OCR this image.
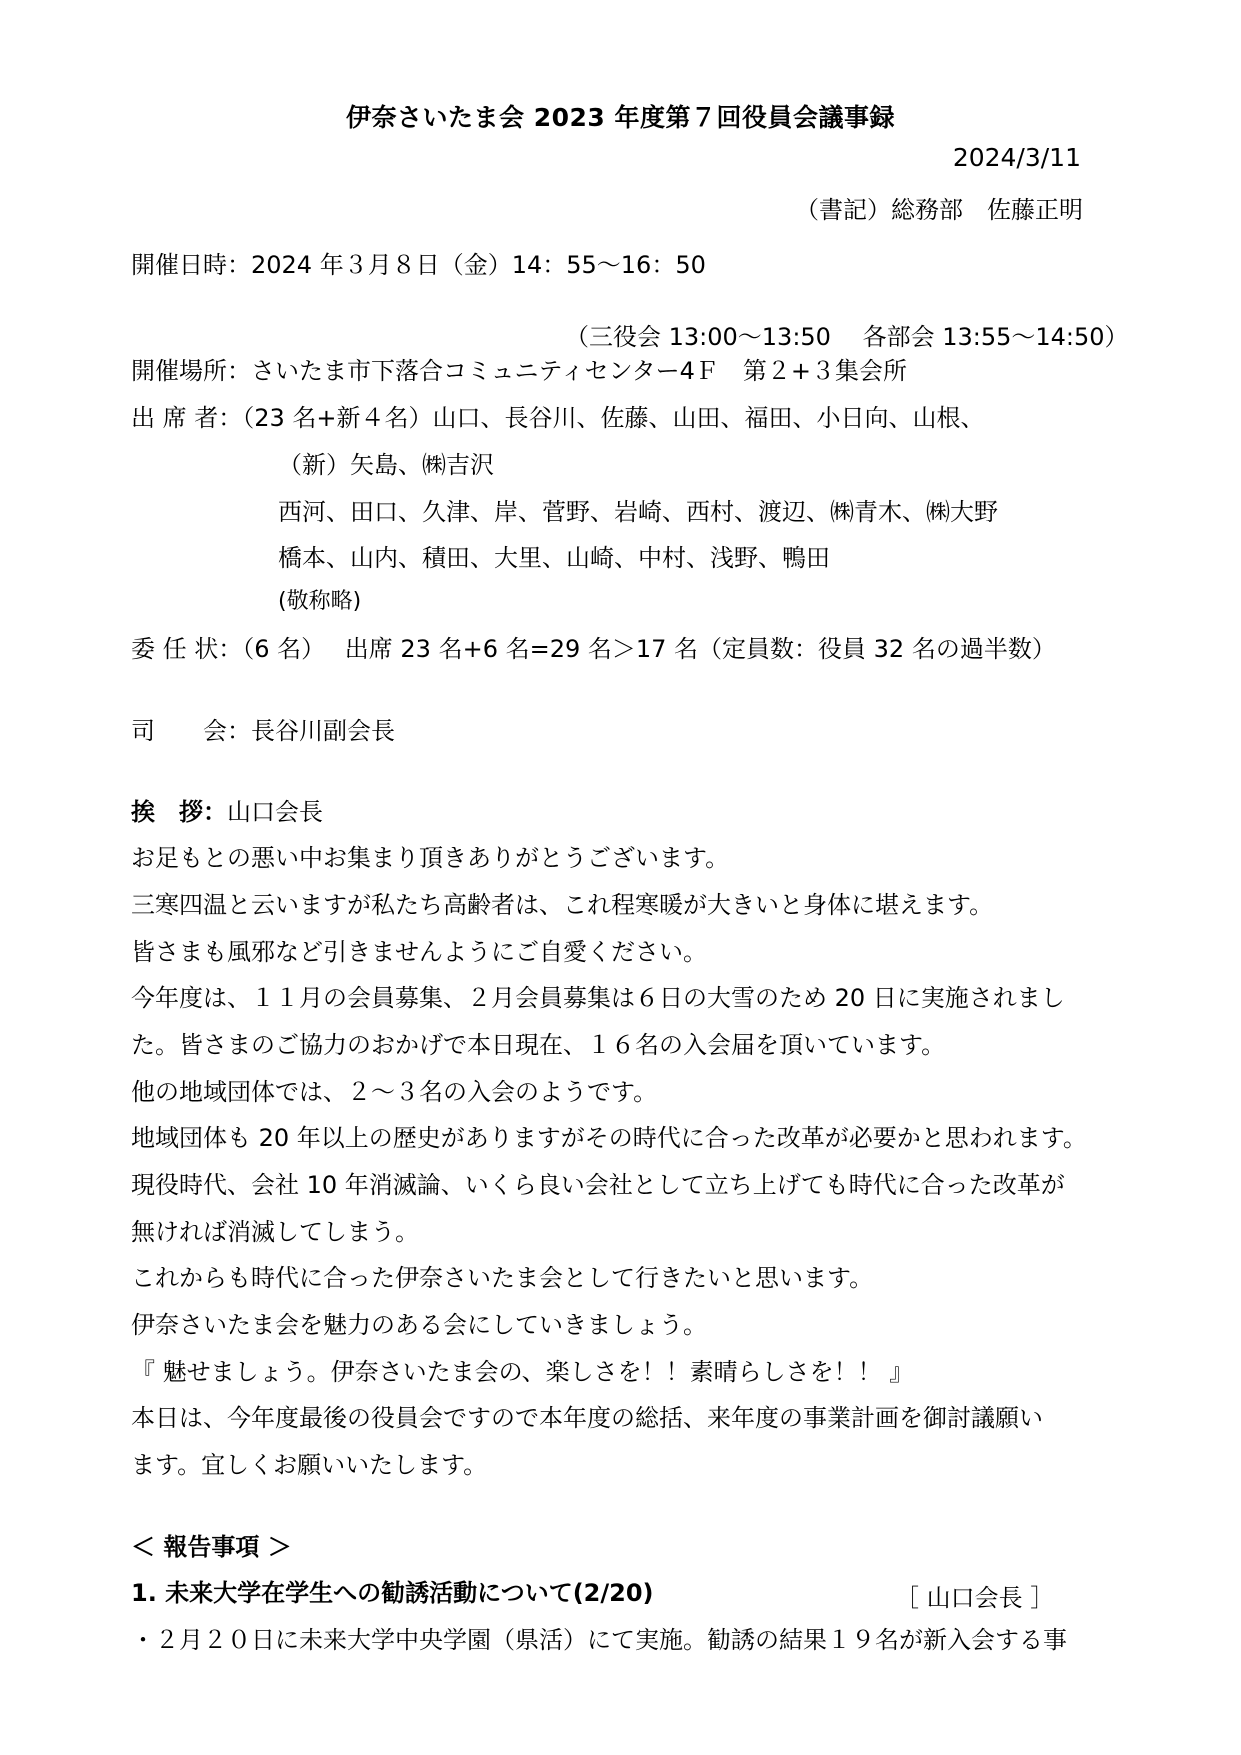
伊奈さいたま会 2023 年度第７回役員会議事録
2024/3/11
（書記）総務部　佐藤正明
開催日時：2024 年３月８日（金）14：55～16：50
（三役会 13:00～13:50　 各部会 13:55～14:50）
開催場所：さいたま市下落合コミュニティセンター4Ｆ　第２+３集会所
出 席 者：（23 名+新４名）山口、長谷川、佐藤、山田、福田、小日向、山根、
（新）矢島、㈱吉沢
西河、田口、久津、岸、菅野、岩崎、西村、渡辺、㈱青木、㈱大野
橋本、山内、積田、大里、山崎、中村、浅野、鴨田
(敬称略)
委 任 状：（6 名）　 出席 23 名+6 名=29 名＞17 名（定員数：役員 32 名の過半数）
司　　会：長谷川副会長
挨　拶：山口会長
お足もとの悪い中お集まり頂きありがとうございます。
三寒四温と云いますが私たち高齢者は、これ程寒暖が大きいと身体に堪えます。
皆さまも風邪など引きませんようにご自愛ください。
今年度は、１１月の会員募集、２月会員募集は６日の大雪のため 20 日に実施されまし
た。皆さまのご協力のおかげで本日現在、１６名の入会届を頂いています。
他の地域団体では、２～３名の入会のようです。
地域団体も 20 年以上の歴史がありますがその時代に合った改革が必要かと思われます。
現役時代、会社 10 年消滅論、いくら良い会社として立ち上げても時代に合った改革が
無ければ消滅してしまう。
これからも時代に合った伊奈さいたま会として行きたいと思います。
伊奈さいたま会を魅力のある会にしていきましょう。
『 魅せましょう。伊奈さいたま会の、楽しさを！！素晴らしさを！！ 』
本日は、今年度最後の役員会ですので本年度の総括、来年度の事業計画を御討議願い
ます。宜しくお願いいたします。
＜ 報告事項 ＞
1. 未来大学在学生への勧誘活動について(2/20)	［ 山口会長 ］
・２月２０日に未来大学中央学園（県活）にて実施。勧誘の結果１９名が新入会する事
